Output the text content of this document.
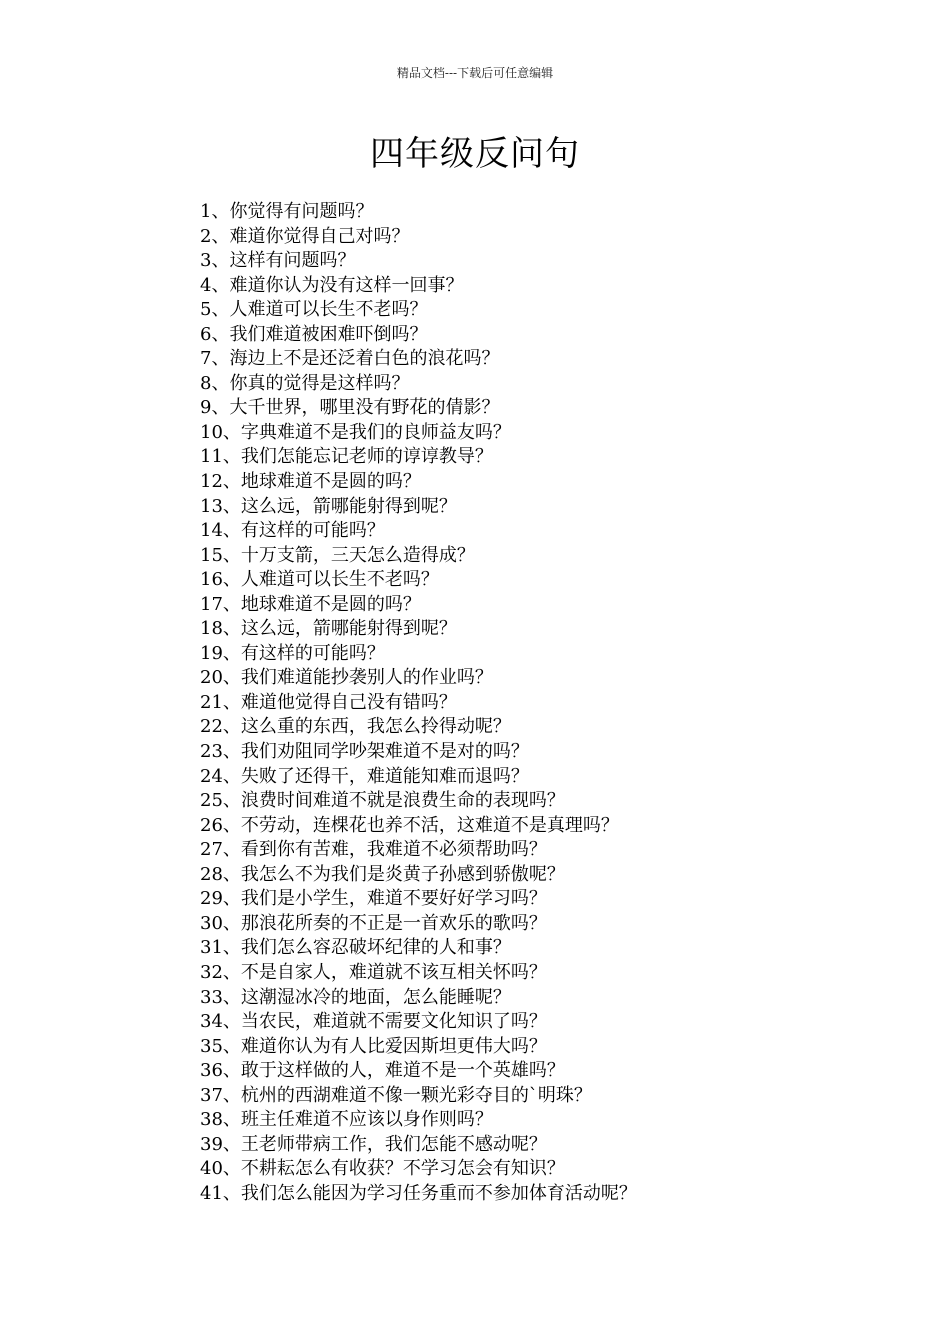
精品文档---下载后可任意编辑
四年级反问句
1、你觉得有问题吗？
2、难道你觉得自己对吗？
3、这样有问题吗？
4、难道你认为没有这样一回事？
5、人难道可以长生不老吗？
6、我们难道被困难吓倒吗？
7、海边上不是还泛着白色的浪花吗？
8、你真的觉得是这样吗？
9、大千世界，哪里没有野花的倩影？
10、字典难道不是我们的良师益友吗？
11、我们怎能忘记老师的谆谆教导？
12、地球难道不是圆的吗？
13、这么远，箭哪能射得到呢？
14、有这样的可能吗？
15、十万支箭，三天怎么造得成？
16、人难道可以长生不老吗？
17、地球难道不是圆的吗？
18、这么远，箭哪能射得到呢？
19、有这样的可能吗？
20、我们难道能抄袭别人的作业吗？
21、难道他觉得自己没有错吗？
22、这么重的东西，我怎么拎得动呢？
23、我们劝阻同学吵架难道不是对的吗？
24、失败了还得干，难道能知难而退吗？
25、浪费时间难道不就是浪费生命的表现吗？
26、不劳动，连棵花也养不活，这难道不是真理吗？
27、看到你有苦难，我难道不必须帮助吗？
28、我怎么不为我们是炎黄子孙感到骄傲呢？
29、我们是小学生，难道不要好好学习吗？
30、那浪花所奏的不正是一首欢乐的歌吗？
31、我们怎么容忍破坏纪律的人和事？
32、不是自家人，难道就不该互相关怀吗？
33、这潮湿冰冷的地面，怎么能睡呢？
34、当农民，难道就不需要文化知识了吗？
35、难道你认为有人比爱因斯坦更伟大吗？
36、敢于这样做的人，难道不是一个英雄吗？
37、杭州的西湖难道不像一颗光彩夺目的`明珠？
38、班主任难道不应该以身作则吗？
39、王老师带病工作，我们怎能不感动呢？
40、不耕耘怎么有收获？不学习怎会有知识？
41、我们怎么能因为学习任务重而不参加体育活动呢？
